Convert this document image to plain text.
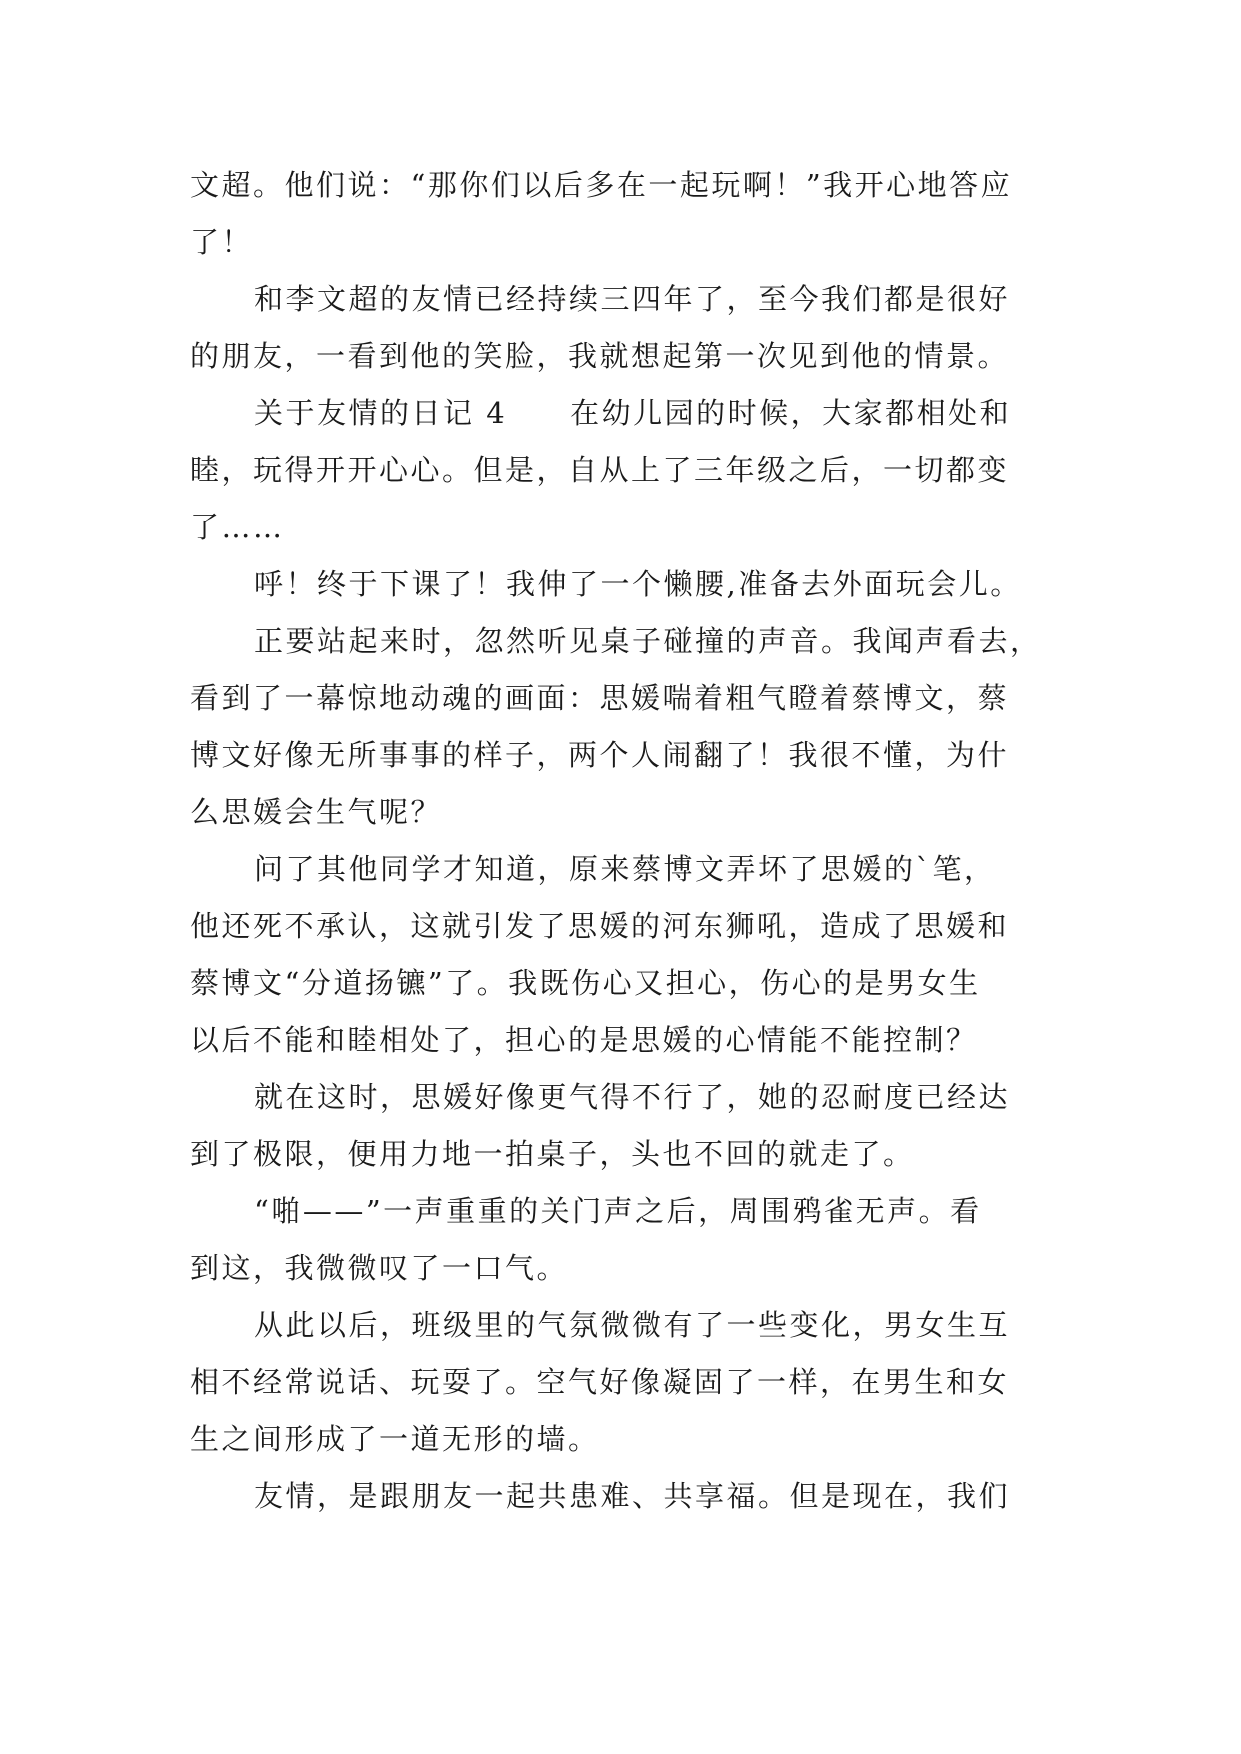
文超。他们说：“那你们以后多在一起玩啊！”我开心地答应
了！
和李文超的友情已经持续三四年了，至今我们都是很好
的朋友，一看到他的笑脸，我就想起第一次见到他的情景。
关于友情的日记 4　　在幼儿园的时候，大家都相处和
睦，玩得开开心心。但是，自从上了三年级之后，一切都变
了……
呼！终于下课了！我伸了一个懒腰,准备去外面玩会儿。
正要站起来时，忽然听见桌子碰撞的声音。我闻声看去，
看到了一幕惊地动魂的画面：思媛喘着粗气瞪着蔡博文，蔡
博文好像无所事事的样子，两个人闹翻了！我很不懂，为什
么思媛会生气呢？
问了其他同学才知道，原来蔡博文弄坏了思媛的`笔，
他还死不承认，这就引发了思媛的河东狮吼，造成了思媛和
蔡博文“分道扬镳”了。我既伤心又担心，伤心的是男女生
以后不能和睦相处了，担心的是思媛的心情能不能控制？
就在这时，思媛好像更气得不行了，她的忍耐度已经达
到了极限，便用力地一拍桌子，头也不回的就走了。
“啪——”一声重重的关门声之后，周围鸦雀无声。看
到这，我微微叹了一口气。
从此以后，班级里的气氛微微有了一些变化，男女生互
相不经常说话、玩耍了。空气好像凝固了一样，在男生和女
生之间形成了一道无形的墙。
友情，是跟朋友一起共患难、共享福。但是现在，我们
